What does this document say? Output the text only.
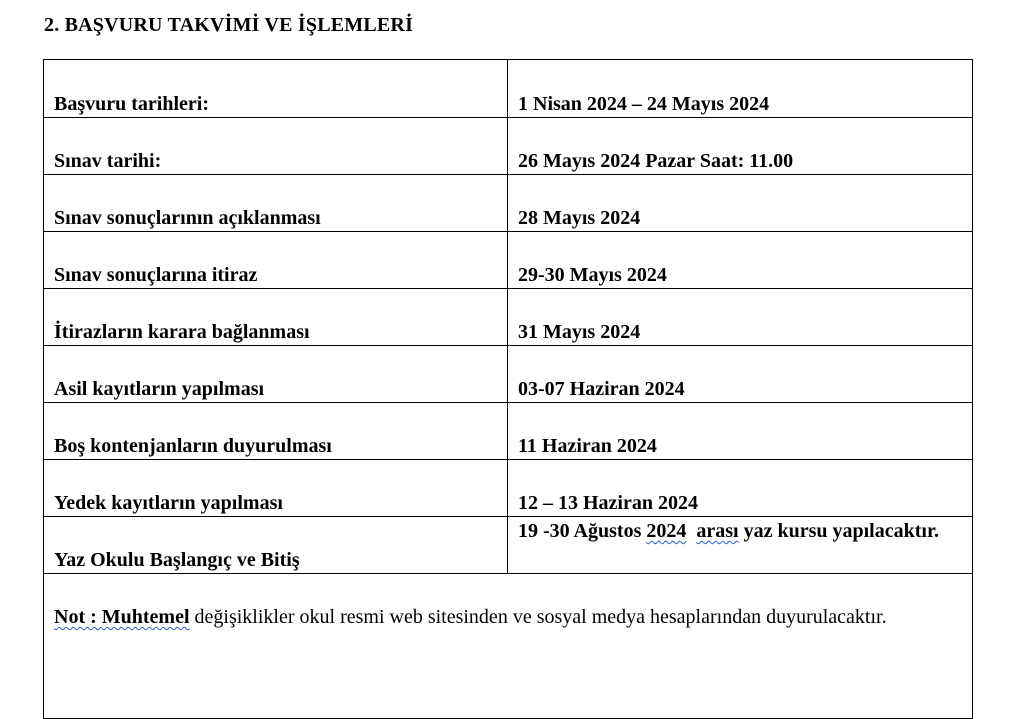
2. BAŞVURU TAKVİMİ VE İŞLEMLERİ
Başvuru tarihleri:	1 Nisan 2024 – 24 Mayıs 2024
Sınav tarihi:	26 Mayıs 2024 Pazar Saat: 11.00
Sınav sonuçlarının açıklanması	28 Mayıs 2024
Sınav sonuçlarına itiraz	29-30 Mayıs 2024
İtirazların karara bağlanması	31 Mayıs 2024
Asil kayıtların yapılması	03-07 Haziran 2024
Boş kontenjanların duyurulması	11 Haziran 2024
Yedek kayıtların yapılması	12 – 13 Haziran 2024
Yaz Okulu Başlangıç ve Bitiş	19 -30 Ağustos 2024 arası yaz kursu yapılacaktır.
Not : Muhtemel değişiklikler okul resmi web sitesinden ve sosyal medya hesaplarından duyurulacaktır.	
